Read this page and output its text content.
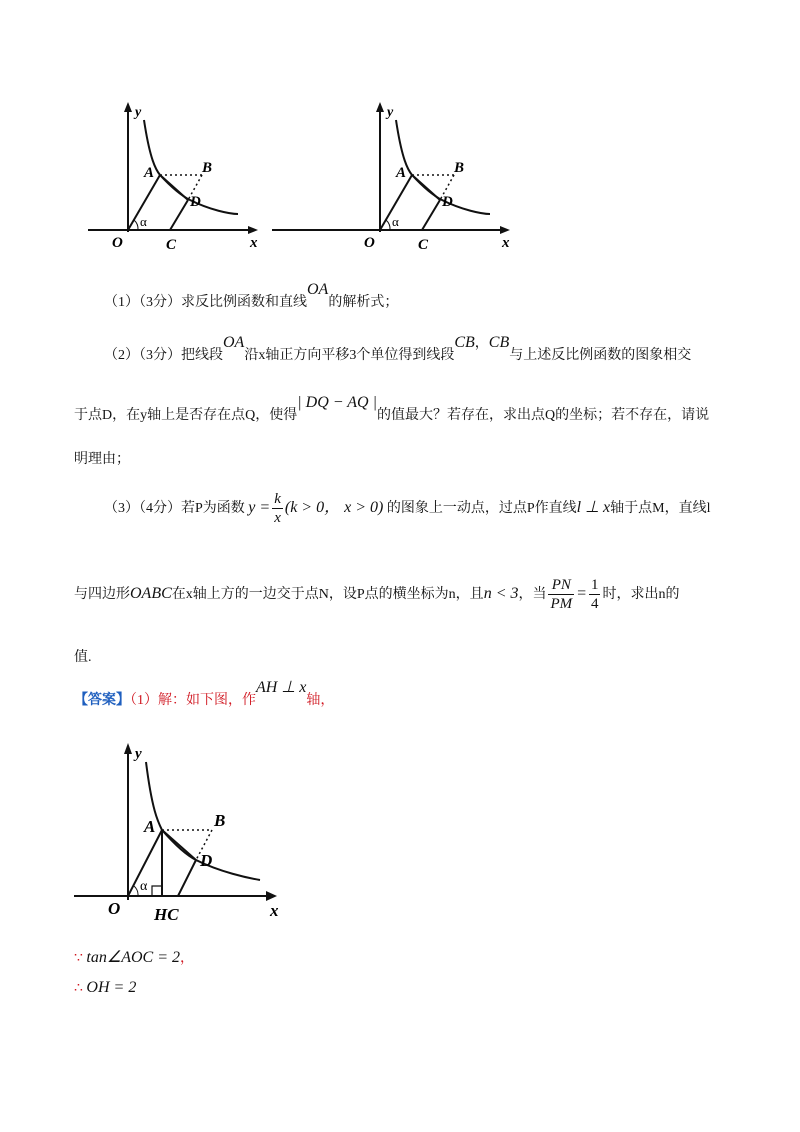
y
x
O
A	B
D
C
α
y
x
O
A	B
D
C
α
（1）（3分）求反比例函数和直线OA的解析式；
（2）（3分）把线段OA沿x轴正方向平移3个单位得到线段CB，CB与上述反比例函数的图象相交
于点D，在y轴上是否存在点Q，使得| DQ − AQ |的值最大？若存在，求出点Q的坐标；若不存在，请说
明理由；
（3）（4分）若P为函数 $y = \frac{k}{x} (k > 0$， x > 0) 的图象上一动点，过点P作直线l ⊥ x轴于点M，直线l
与四边形OABC在x轴上方的一边交于点N，设P点的横坐标为n，且n < 3，当 $\frac{PN}{PM} = \frac{1}{4}$ 时，求出n的
值.
【答案】（1）解：如下图，作AH ⊥ x轴，
y
x
O
A	B
D
HC
α
∵ tan∠AOC = 2，
∴ OH = 2
